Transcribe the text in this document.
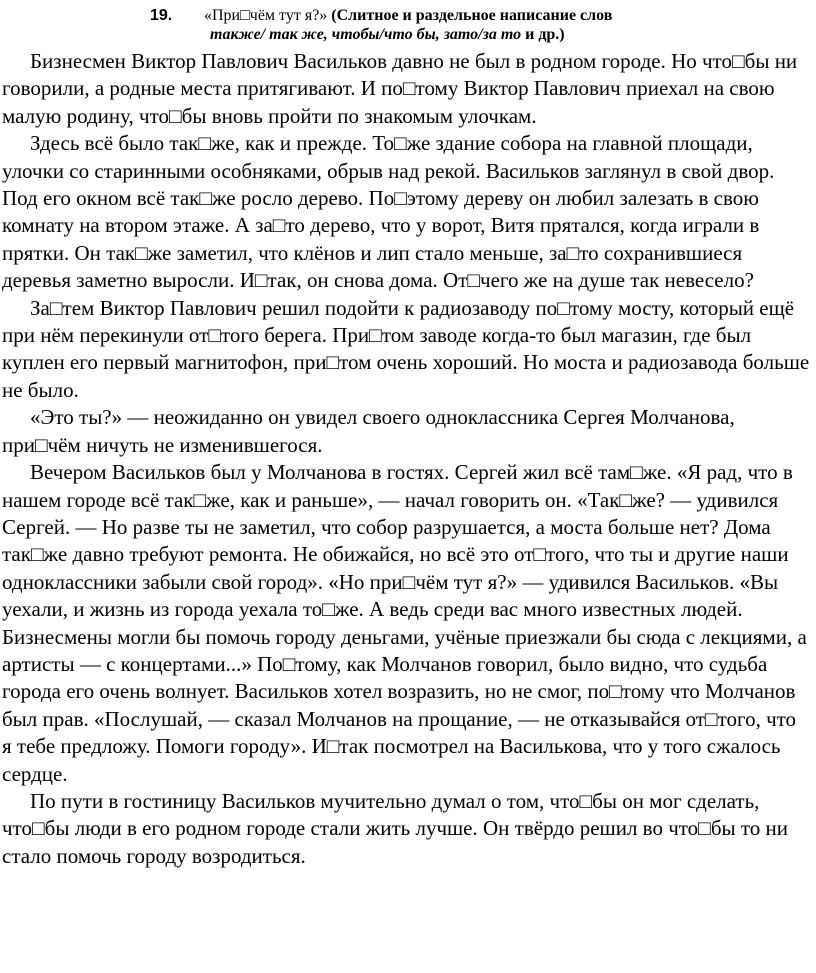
19. «При□чём тут я?» (Слитное и раздельное написание слов
также/ так же, чтобы/что бы, зато/за то и др.)

Бизнесмен Виктор Павлович Васильков давно не был в родном городе. Но что□бы ни говорили, а родные места притягивают. И по□тому Виктор Павлович приехал на свою малую родину, что□бы вновь пройти по знакомым улочкам.

Здесь всё было так□же, как и прежде. То□же здание собора на главной площади, улочки со старинными особняками, обрыв над рекой. Васильков заглянул в свой двор. Под его окном всё так□же росло дерево. По□этому дереву он любил залезать в свою комнату на втором этаже. А за□то дерево, что у ворот, Витя прятался, когда играли в прятки. Он так□же заметил, что клёнов и лип стало меньше, за□то сохранившиеся деревья заметно выросли. И□так, он снова дома. От□чего же на душе так невесело?

За□тем Виктор Павлович решил подойти к радиозаводу по□тому мосту, который ещё при нём перекинули от□того берега. При□том заводе когда-то был магазин, где был куплен его первый магнитофон, при□том очень хороший. Но моста и радиозавода больше не было.

«Это ты?» — неожиданно он увидел своего одноклассника Сергея Молчанова, при□чём ничуть не изменившегося.

Вечером Васильков был у Молчанова в гостях. Сергей жил всё там□же. «Я рад, что в нашем городе всё так□же, как и раньше», — начал говорить он. «Так□же? — удивился Сергей. — Но разве ты не заметил, что собор разрушается, а моста больше нет? Дома так□же давно требуют ремонта. Не обижайся, но всё это от□того, что ты и другие наши одноклассники забыли свой город». «Но при□чём тут я?» — удивился Васильков. «Вы уехали, и жизнь из города уехала то□же. А ведь среди вас много известных людей. Бизнесмены могли бы помочь городу деньгами, учёные приезжали бы сюда с лекциями, а артисты — с концертами...» По□тому, как Молчанов говорил, было видно, что судьба города его очень волнует. Васильков хотел возразить, но не смог, по□тому что Молчанов был прав. «Послушай, — сказал Молчанов на прощание, — не отказывайся от□того, что я тебе предложу. Помоги городу». И□так посмотрел на Василькова, что у того сжалось сердце.

По пути в гостиницу Васильков мучительно думал о том, что□бы он мог сделать, что□бы люди в его родном городе стали жить лучше. Он твёрдо решил во что□бы то ни стало помочь городу возродиться.
